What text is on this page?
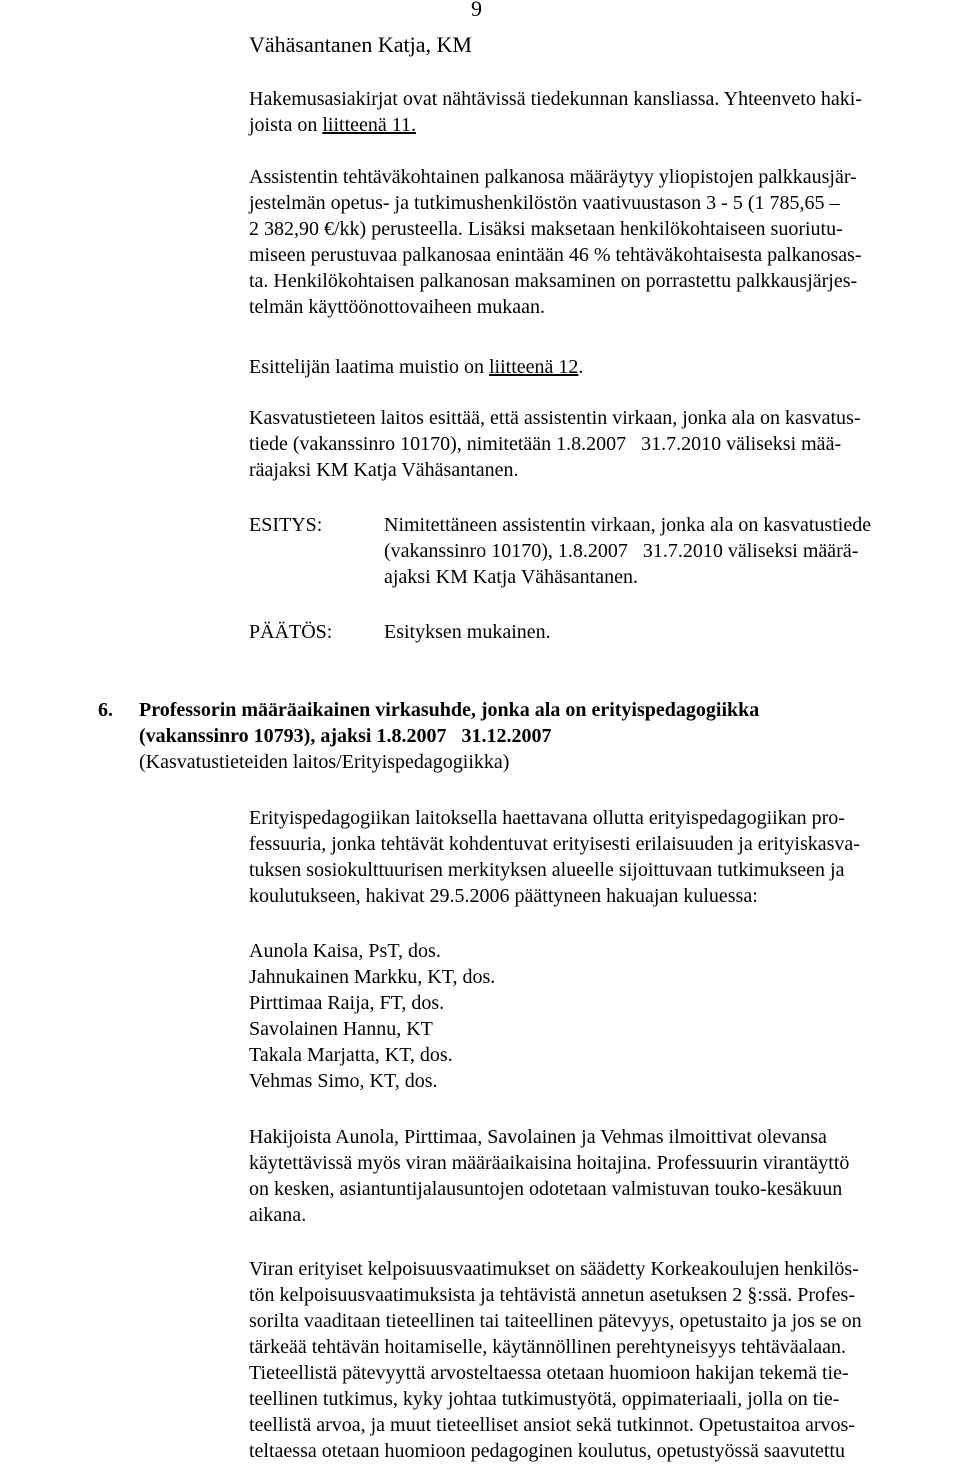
9
Vähäsantanen Katja, KM
Hakemusasiakirjat ovat nähtävissä tiedekunnan kansliassa. Yhteenveto haki-
joista on liitteenä 11.
Assistentin tehtäväkohtainen palkanosa määräytyy yliopistojen palkkausjär-
jestelmän opetus- ja tutkimushenkilöstön vaativuustason 3 - 5 (1 785,65 –
2 382,90 €/kk) perusteella. Lisäksi maksetaan henkilökohtaiseen suoriutu-
miseen perustuvaa palkanosaa enintään 46 % tehtäväkohtaisesta palkanosas-
ta. Henkilökohtaisen palkanosan maksaminen on porrastettu palkkausjärjes-
telmän käyttöönottovaiheen mukaan.
Esittelijän laatima muistio on liitteenä 12.
Kasvatustieteen laitos esittää, että assistentin virkaan, jonka ala on kasvatus-
tiede (vakanssinro 10170), nimitetään 1.8.2007   31.7.2010 väliseksi mää-
räajaksi KM Katja Vähäsantanen.
ESITYS:	Nimitettäneen assistentin virkaan, jonka ala on kasvatustiede
(vakanssinro 10170), 1.8.2007   31.7.2010 väliseksi määrä-
ajaksi KM Katja Vähäsantanen.
PÄÄTÖS:	Esityksen mukainen.
6. Professorin määräaikainen virkasuhde, jonka ala on erityispedagogiikka
(vakanssinro 10793), ajaksi 1.8.2007   31.12.2007
(Kasvatustieteiden laitos/Erityispedagogiikka)
Erityispedagogiikan laitoksella haettavana ollutta erityispedagogiikan pro-
fessuuria, jonka tehtävät kohdentuvat erityisesti erilaisuuden ja erityiskasva-
tuksen sosiokulttuurisen merkityksen alueelle sijoittuvaan tutkimukseen ja
koulutukseen, hakivat 29.5.2006 päättyneen hakuajan kuluessa:
Aunola Kaisa, PsT, dos.
Jahnukainen Markku, KT, dos.
Pirttimaa Raija, FT, dos.
Savolainen Hannu, KT
Takala Marjatta, KT, dos.
Vehmas Simo, KT, dos.
Hakijoista Aunola, Pirttimaa, Savolainen ja Vehmas ilmoittivat olevansa
käytettävissä myös viran määräaikaisina hoitajina. Professuurin virantäyttö
on kesken, asiantuntijalausuntojen odotetaan valmistuvan touko-kesäkuun
aikana.
Viran erityiset kelpoisuusvaatimukset on säädetty Korkeakoulujen henkilös-
tön kelpoisuusvaatimuksista ja tehtävistä annetun asetuksen 2 §:ssä. Profes-
sorilta vaaditaan tieteellinen tai taiteellinen pätevyys, opetustaito ja jos se on
tärkeää tehtävän hoitamiselle, käytännöllinen perehtyneisyys tehtäväalaan.
Tieteellistä pätevyyttä arvosteltaessa otetaan huomioon hakijan tekemä tie-
teellinen tutkimus, kyky johtaa tutkimustyötä, oppimateriaali, jolla on tie-
teellistä arvoa, ja muut tieteelliset ansiot sekä tutkinnot. Opetustaitoa arvos-
teltaessa otetaan huomioon pedagoginen koulutus, opetustyössä saavutettu
